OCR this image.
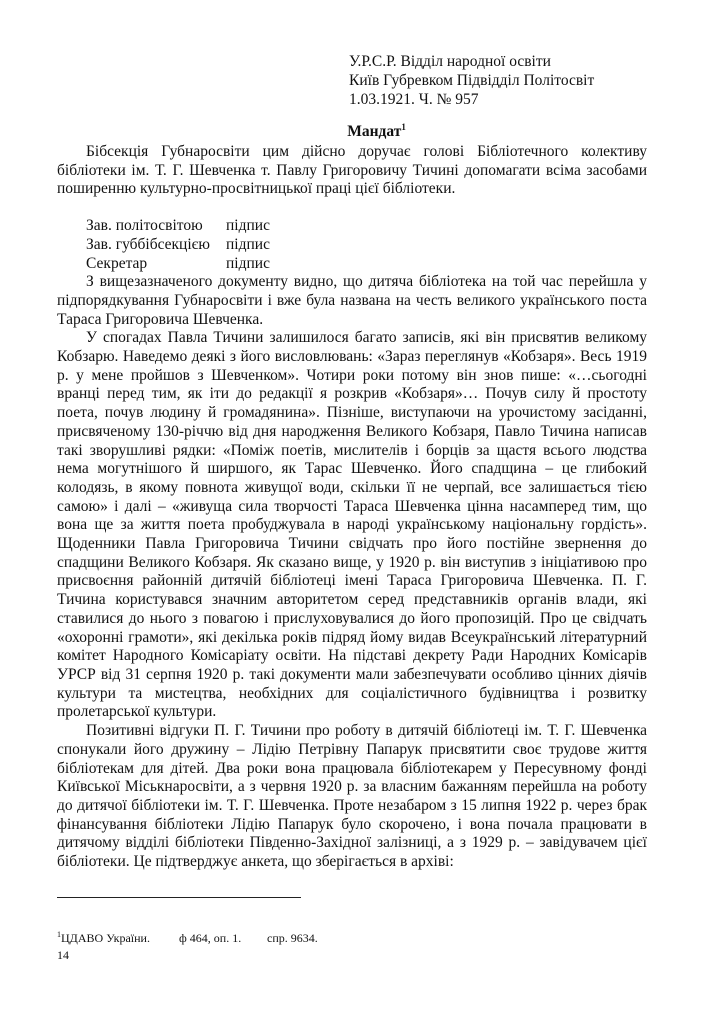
У.Р.С.Р. Відділ народної освіти
Київ Губревком Підвідділ Політосвіт
1.03.1921. Ч. № 957
Мандат$^1$

Бібсекція Губнаросвіти цим дійсно доручає голові Бібліотечного колективу бібліотеки ім. Т. Г. Шевченка т. Павлу Григоровичу Тичині допомагати всіма засобами поширенню культурно-просвітницької праці цієї бібліотеки.

Зав. політосвітою	підпис
Зав. губбібсекцією	підпис
Секретар	підпис

З вищезазначеного документу видно, що дитяча бібліотека на той час перейшла у підпорядкування Губнаросвіти і вже була названа на честь великого українського поста Тараса Григоровича Шевченка.

У спогадах Павла Тичини залишилося багато записів, які він присвятив великому Кобзарю. Наведемо деякі з його висловлювань: «Зараз переглянув «Кобзаря». Весь 1919 р. у мене пройшов з Шевченком». Чотири роки потому він знов пише: «…сьогодні вранці перед тим, як іти до редакції я розкрив «Кобзаря»… Почув силу й простоту поета, почув людину й громадянина». Пізніше, виступаючи на урочистому засіданні, присвяченому 130-річчю від дня народження Великого Кобзаря, Павло Тичина написав такі зворушливі рядки: «Поміж поетів, мислителів і борців за щастя всього людства нема могутнішого й ширшого, як Тарас Шевченко. Його спадщина – це глибокий колодязь, в якому повнота живущої води, скільки її не черпай, все залишається тією самою» і далі – «живуща сила творчості Тараса Шевченка цінна насамперед тим, що вона ще за життя поета пробуджувала в народі українському національну гордість». Щоденники Павла Григоровича Тичини свідчать про його постійне звернення до спадщини Великого Кобзаря. Як сказано вище, у 1920 р. він виступив з ініціативою про присвоєння районній дитячій бібліотеці імені Тараса Григоровича Шевченка. П. Г. Тичина користувався значним авторитетом серед представників органів влади, які ставилися до нього з повагою і прислуховувалися до його пропозицій. Про це свідчать «охоронні грамоти», які декілька років підряд йому видав Всеукраїнський літературний комітет Народного Комісаріату освіти. На підставі декрету Ради Народних Комісарів УРСР від 31 серпня 1920 р. такі документи мали забезпечувати особливо цінних діячів культури та мистецтва, необхідних для соціалістичного будівництва і розвитку пролетарської культури.

Позитивні відгуки П. Г. Тичини про роботу в дитячій бібліотеці ім. Т. Г. Шевченка спонукали його дружину – Лідію Петрівну Папарук присвятити своє трудове життя бібліотекам для дітей. Два роки вона працювала бібліотекарем у Пересувному фонді Київської Міськнаросвіти, а з червня 1920 р. за власним бажанням перейшла на роботу до дитячої бібліотеки ім. Т. Г. Шевченка. Проте незабаром з 15 липня 1922 р. через брак фінансування бібліотеки Лідію Папарук було скорочено, і вона почала працювати в дитячому відділі бібліотеки Південно-Західної залізниці, а з 1929 р. – завідувачем цієї бібліотеки. Це підтверджує анкета, що зберігається в архіві:

$^1$ЦДАВО України. ф 464, оп. 1. спр. 9634.
14
